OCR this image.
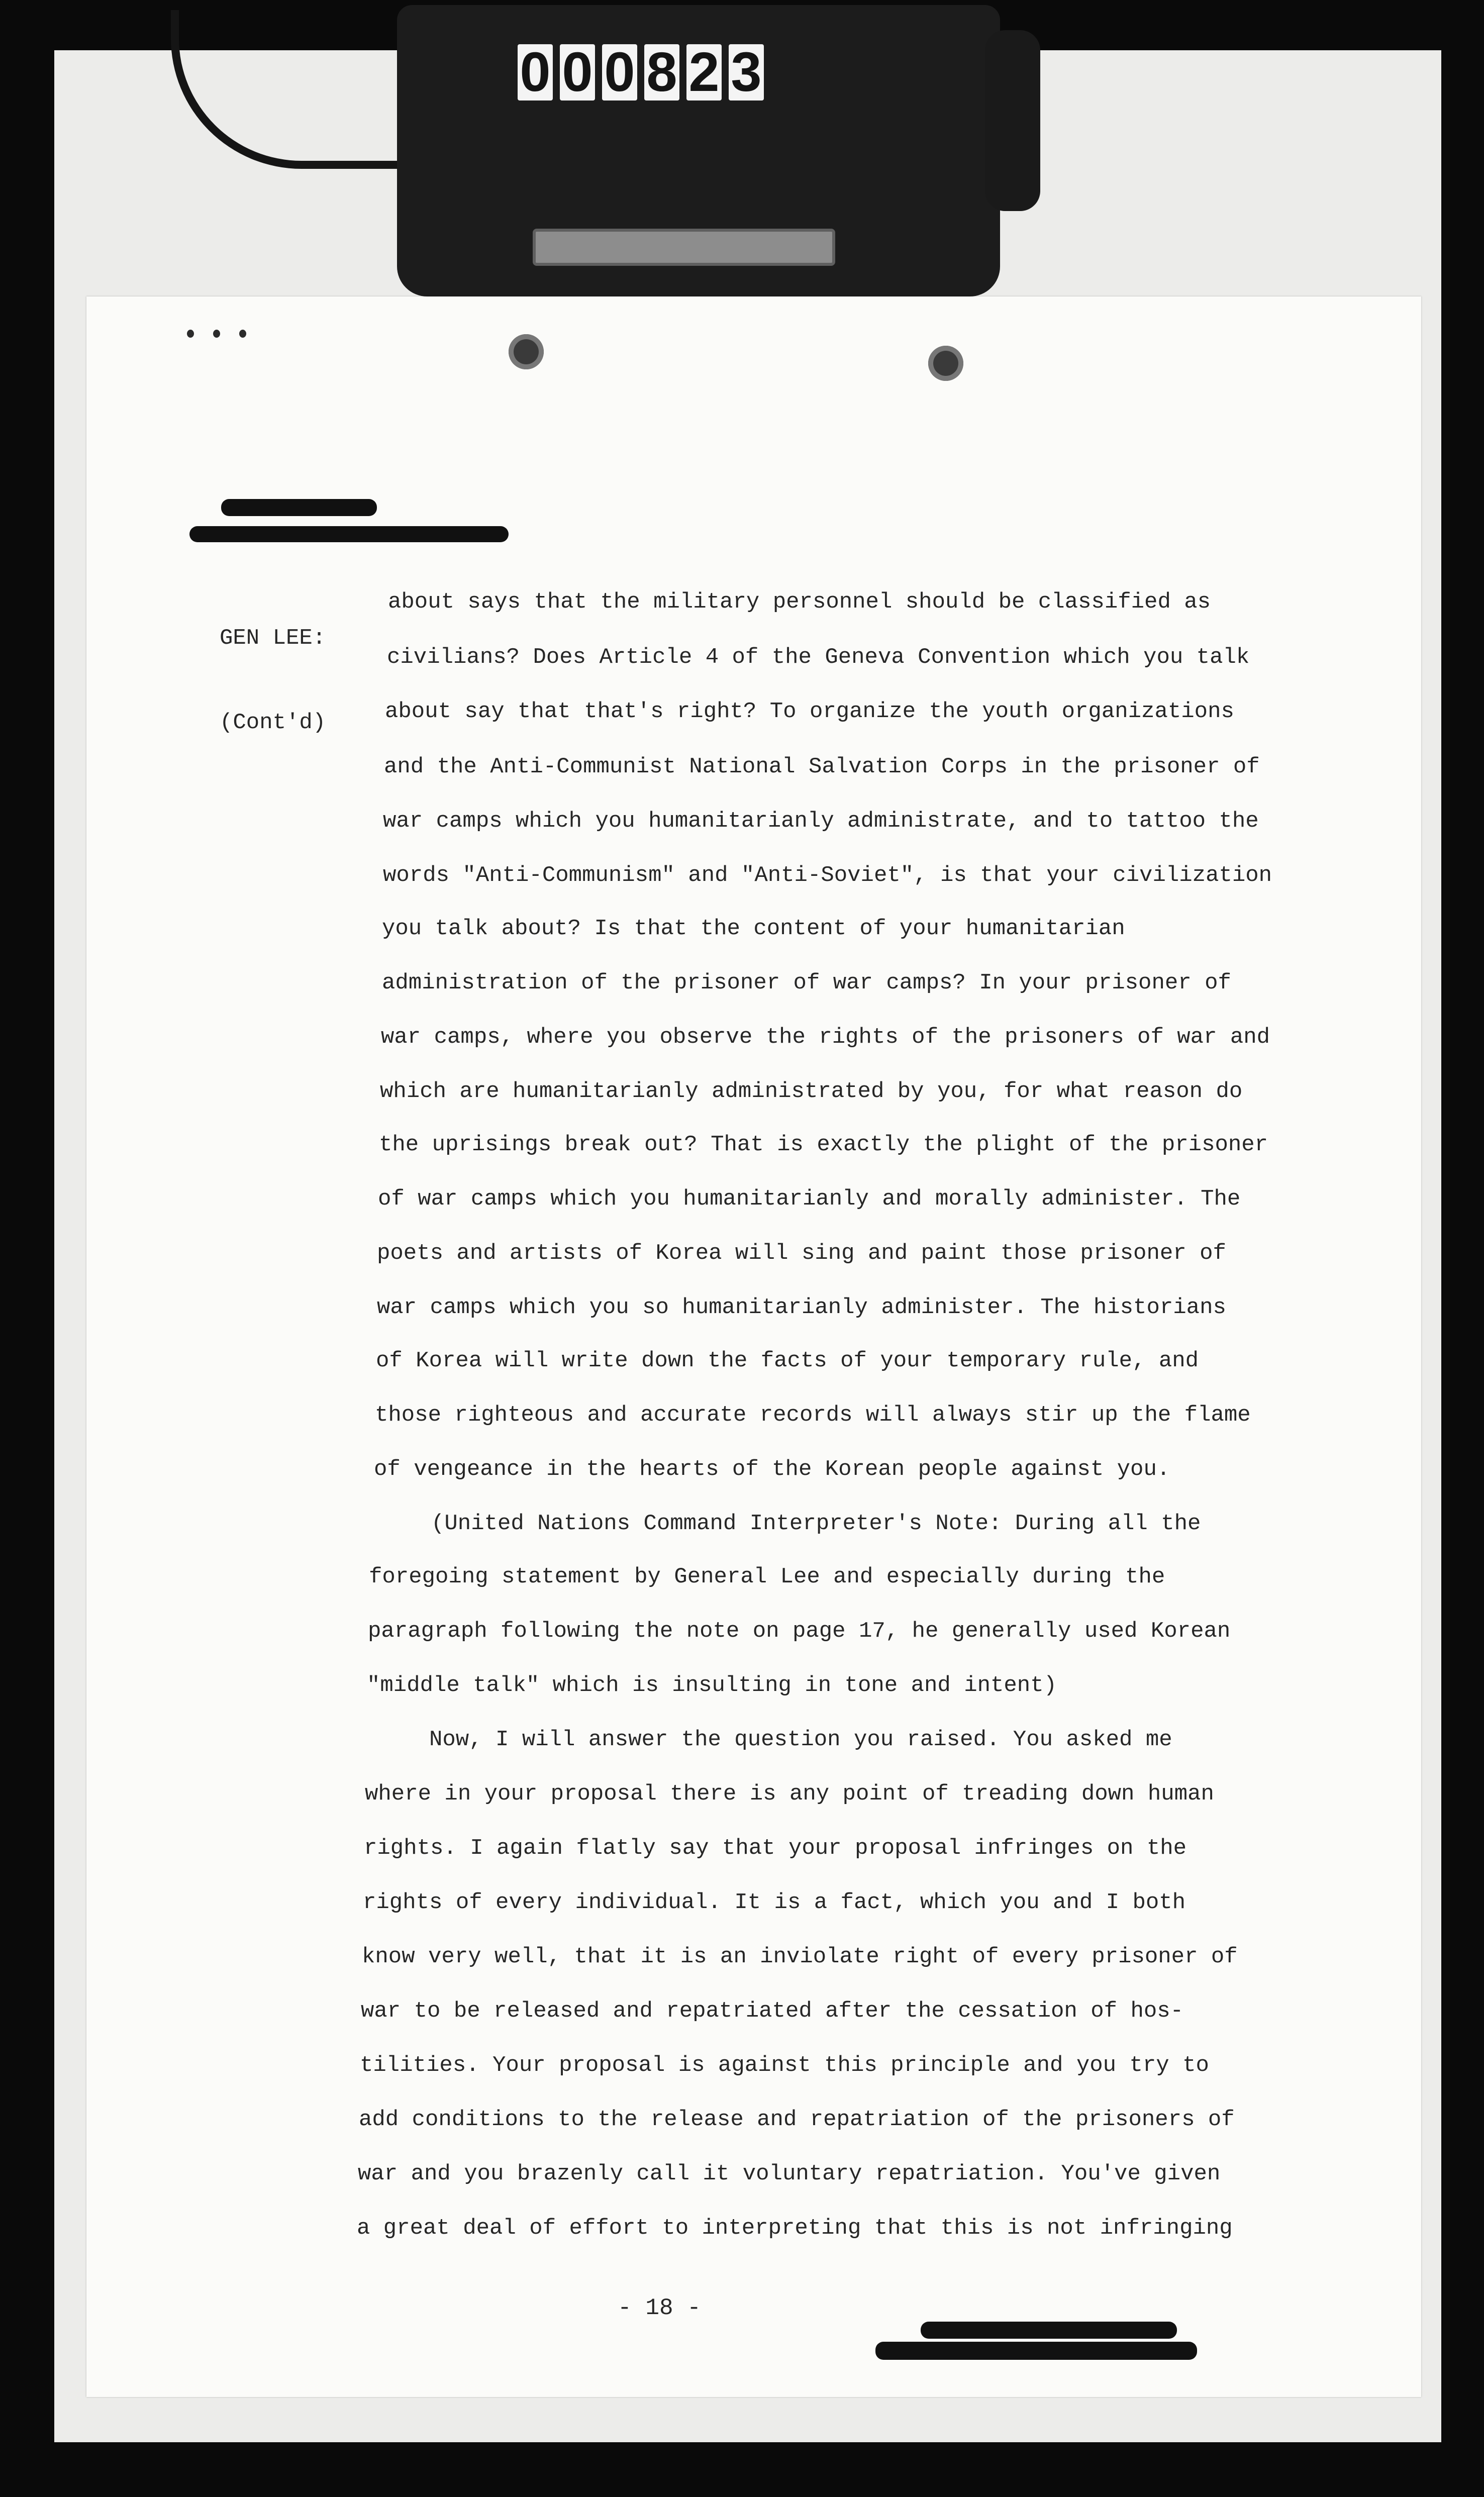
0 0 0 8 2 3

GEN LEE:

(Cont'd)

about says that the military personnel should be classified as
civilians? Does Article 4 of the Geneva Convention which you talk
about say that that's right? To organize the youth organizations
and the Anti-Communist National Salvation Corps in the prisoner of
war camps which you humanitarianly administrate, and to tattoo the
words "Anti-Communism" and "Anti-Soviet", is that your civilization
you talk about? Is that the content of your humanitarian
administration of the prisoner of war camps? In your prisoner of
war camps, where you observe the rights of the prisoners of war and
which are humanitarianly administrated by you, for what reason do
the uprisings break out? That is exactly the plight of the prisoner
of war camps which you humanitarianly and morally administer. The
poets and artists of Korea will sing and paint those prisoner of
war camps which you so humanitarianly administer. The historians
of Korea will write down the facts of your temporary rule, and
those righteous and accurate records will always stir up the flame
of vengeance in the hearts of the Korean people against you.
(United Nations Command Interpreter's Note: During all the
foregoing statement by General Lee and especially during the
paragraph following the note on page 17, he generally used Korean
"middle talk" which is insulting in tone and intent)
Now, I will answer the question you raised. You asked me
where in your proposal there is any point of treading down human
rights. I again flatly say that your proposal infringes on the
rights of every individual. It is a fact, which you and I both
know very well, that it is an inviolate right of every prisoner of
war to be released and repatriated after the cessation of hos-
tilities. Your proposal is against this principle and you try to
add conditions to the release and repatriation of the prisoners of
war and you brazenly call it voluntary repatriation. You've given
a great deal of effort to interpreting that this is not infringing
- 18 -
